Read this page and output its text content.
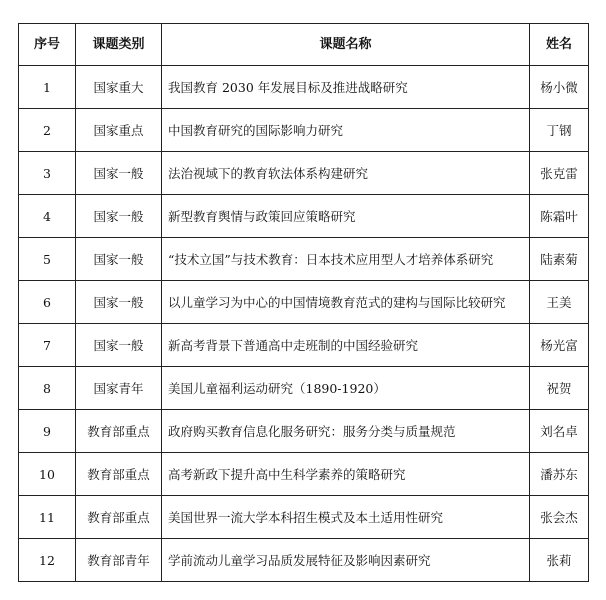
序号	课题类别	课题名称	姓名
1	国家重大	我国教育 2030 年发展目标及推进战略研究	杨小微
2	国家重点	中国教育研究的国际影响力研究	丁钢
3	国家一般	法治视域下的教育软法体系构建研究	张克雷
4	国家一般	新型教育舆情与政策回应策略研究	陈霜叶
5	国家一般	“技术立国”与技术教育：日本技术应用型人才培养体系研究	陆素菊
6	国家一般	以儿童学习为中心的中国情境教育范式的建构与国际比较研究	王美
7	国家一般	新高考背景下普通高中走班制的中国经验研究	杨光富
8	国家青年	美国儿童福利运动研究（1890-1920）	祝贺
9	教育部重点	政府购买教育信息化服务研究：服务分类与质量规范	刘名卓
10	教育部重点	高考新政下提升高中生科学素养的策略研究	潘苏东
11	教育部重点	美国世界一流大学本科招生模式及本土适用性研究	张会杰
12	教育部青年	学前流动儿童学习品质发展特征及影响因素研究	张莉
